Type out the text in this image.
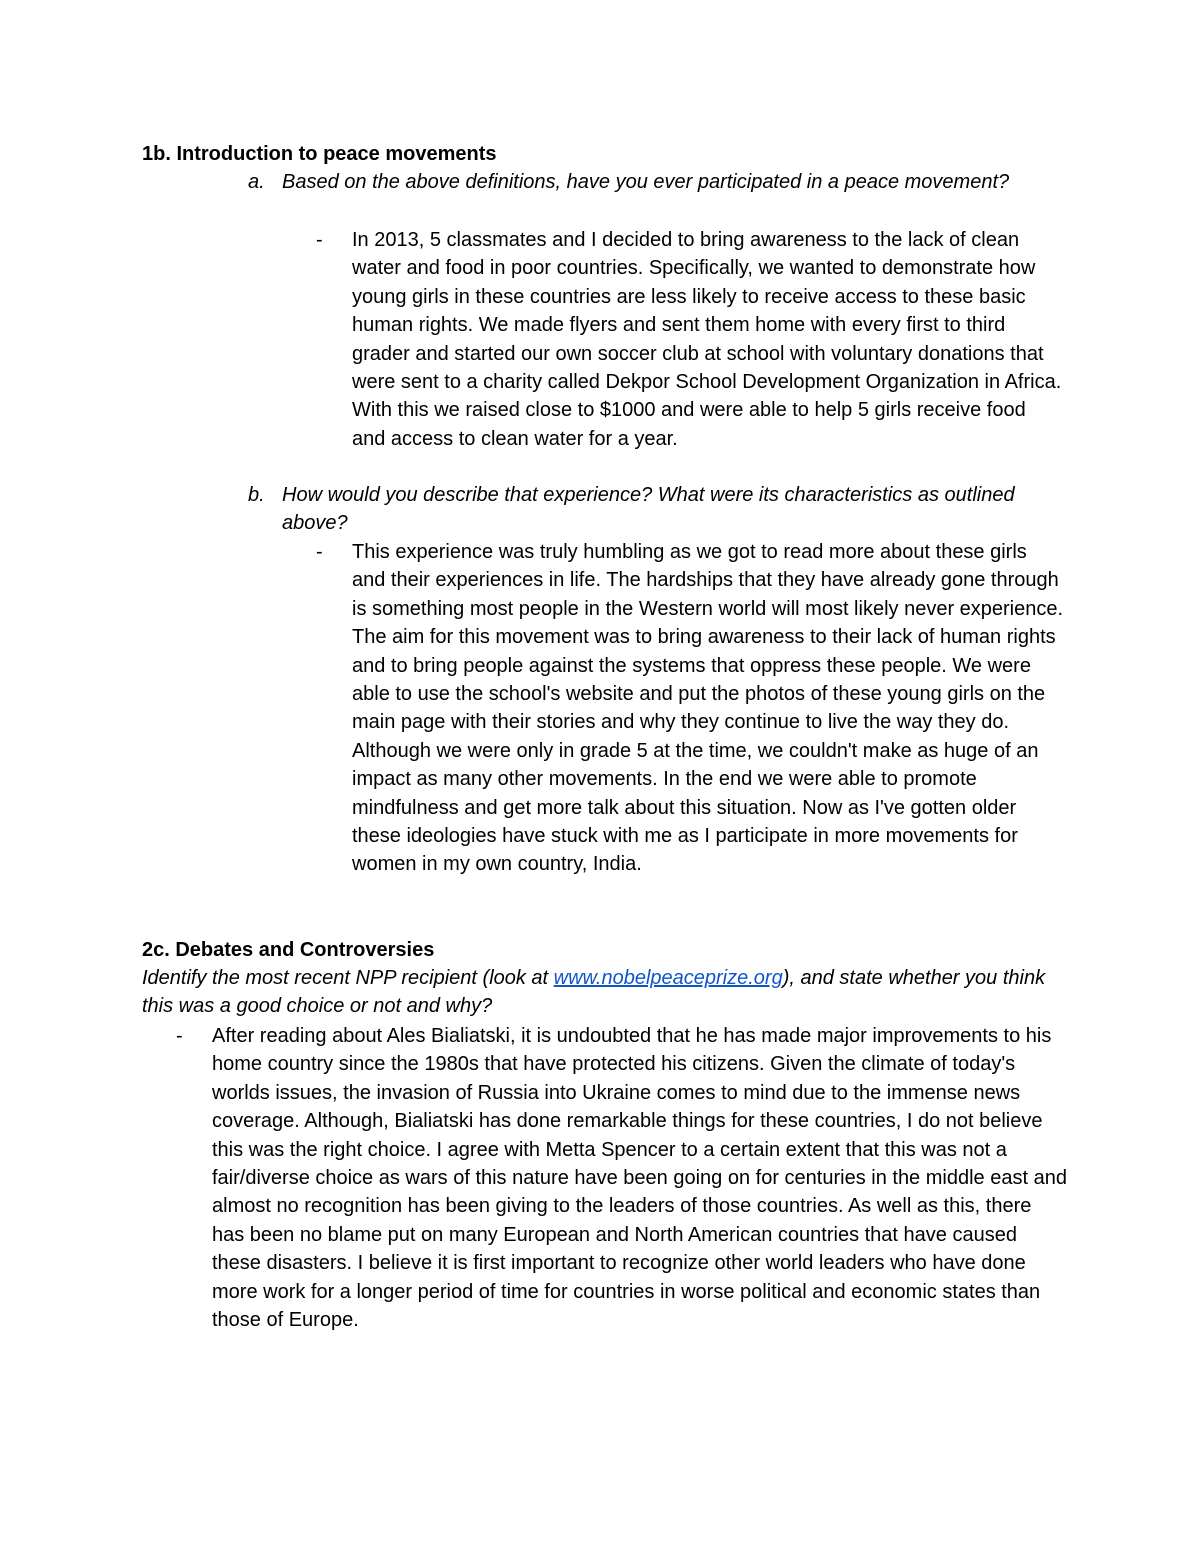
1b. Introduction to peace movements
a. Based on the above definitions, have you ever participated in a peace movement?
- In 2013, 5 classmates and I decided to bring awareness to the lack of clean water and food in poor countries. Specifically, we wanted to demonstrate how young girls in these countries are less likely to receive access to these basic human rights. We made flyers and sent them home with every first to third grader and started our own soccer club at school with voluntary donations that were sent to a charity called Dekpor School Development Organization in Africa. With this we raised close to $1000 and were able to help 5 girls receive food and access to clean water for a year.
b. How would you describe that experience? What were its characteristics as outlined above?
- This experience was truly humbling as we got to read more about these girls and their experiences in life. The hardships that they have already gone through is something most people in the Western world will most likely never experience. The aim for this movement was to bring awareness to their lack of human rights and to bring people against the systems that oppress these people. We were able to use the school's website and put the photos of these young girls on the main page with their stories and why they continue to live the way they do. Although we were only in grade 5 at the time, we couldn't make as huge of an impact as many other movements. In the end we were able to promote mindfulness and get more talk about this situation. Now as I've gotten older these ideologies have stuck with me as I participate in more movements for women in my own country, India.
2c. Debates and Controversies
Identify the most recent NPP recipient (look at www.nobelpeaceprize.org), and state whether you think this was a good choice or not and why?
- After reading about Ales Bialiatski, it is undoubted that he has made major improvements to his home country since the 1980s that have protected his citizens. Given the climate of today's worlds issues, the invasion of Russia into Ukraine comes to mind due to the immense news coverage. Although, Bialiatski has done remarkable things for these countries, I do not believe this was the right choice. I agree with Metta Spencer to a certain extent that this was not a fair/diverse choice as wars of this nature have been going on for centuries in the middle east and almost no recognition has been giving to the leaders of those countries. As well as this, there has been no blame put on many European and North American countries that have caused these disasters. I believe it is first important to recognize other world leaders who have done more work for a longer period of time for countries in worse political and economic states than those of Europe.
